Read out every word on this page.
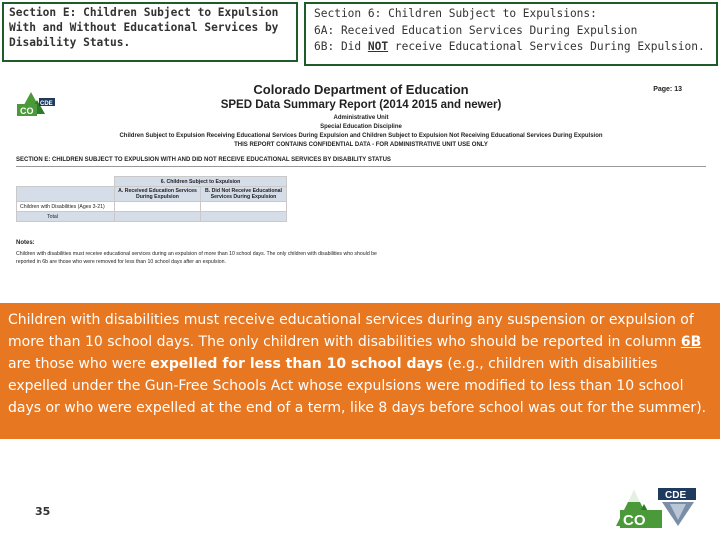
Section E: Children Subject to Expulsion
With and Without Educational Services by
Disability Status.
Section 6: Children Subject to Expulsions:
6A: Received Education Services During Expulsion
6B: Did NOT receive Educational Services During Expulsion.
CO
CDE
Colorado Department of Education
SPED Data Summary Report (2014 2015 and newer)
Administrative Unit
Special Education Discipline
Children Subject to Expulsion Receiving Educational Services During Expulsion and Children Subject to Expulsion Not Receiving Educational Services During Expulsion
THIS REPORT CONTAINS CONFIDENTIAL DATA - FOR ADMINISTRATIVE UNIT USE ONLY
Page: 13
SECTION E: CHILDREN SUBJECT TO EXPULSION WITH AND DID NOT RECEIVE EDUCATIONAL SERVICES BY DISABILITY STATUS
	6. Children Subject to Expulsion	
	A. Received Education Services During Expulsion	B. Did Not Receive Educational Services During Expulsion
Children with Disabilities (Ages 3-21)		
Total		
Notes:
Children with disabilities must receive educational services during an expulsion of more than 10 school days. The only children with disabilities who should be reported in 6b are those who were removed for less than 10 school days after an expulsion.
Children with disabilities must receive educational services during any suspension or expulsion of more than 10 school days. The only children with disabilities who should be reported in column 6B are those who were expelled for less than 10 school days (e.g., children with disabilities expelled under the Gun-Free Schools Act whose expulsions were modified to less than 10 school days or who were expelled at the end of a term, like 8 days before school was out for the summer).
35
CO
CDE
